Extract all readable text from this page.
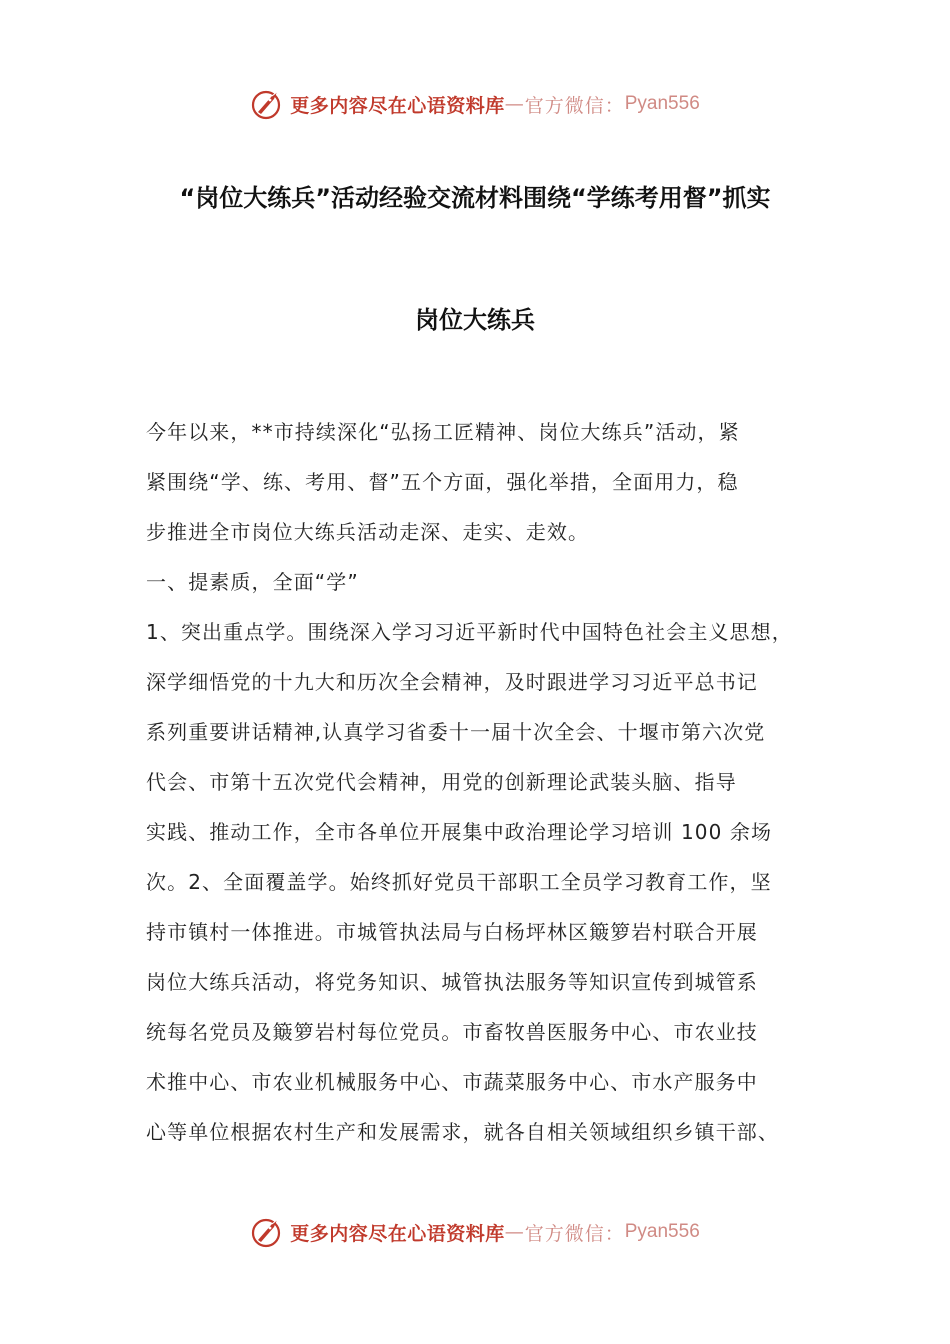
更多内容尽在心语资料库 — 官方微信： Pyan556
“岗位大练兵”活动经验交流材料围绕“学练考用督”抓实
岗位大练兵
今年以来，**市持续深化“弘扬工匠精神、岗位大练兵”活动，紧
紧围绕“学、练、考用、督”五个方面，强化举措，全面用力，稳
步推进全市岗位大练兵活动走深、走实、走效。
一、提素质，全面“学”
1、突出重点学。围绕深入学习习近平新时代中国特色社会主义思想，
深学细悟党的十九大和历次全会精神，及时跟进学习习近平总书记
系列重要讲话精神,认真学习省委十一届十次全会、十堰市第六次党
代会、市第十五次党代会精神，用党的创新理论武装头脑、指导
实践、推动工作，全市各单位开展集中政治理论学习培训 100 余场
次。2、全面覆盖学。始终抓好党员干部职工全员学习教育工作，坚
持市镇村一体推进。市城管执法局与白杨坪林区簸箩岩村联合开展
岗位大练兵活动，将党务知识、城管执法服务等知识宣传到城管系
统每名党员及簸箩岩村每位党员。市畜牧兽医服务中心、市农业技
术推中心、市农业机械服务中心、市蔬菜服务中心、市水产服务中
心等单位根据农村生产和发展需求，就各自相关领域组织乡镇干部、
更多内容尽在心语资料库 — 官方微信： Pyan556
